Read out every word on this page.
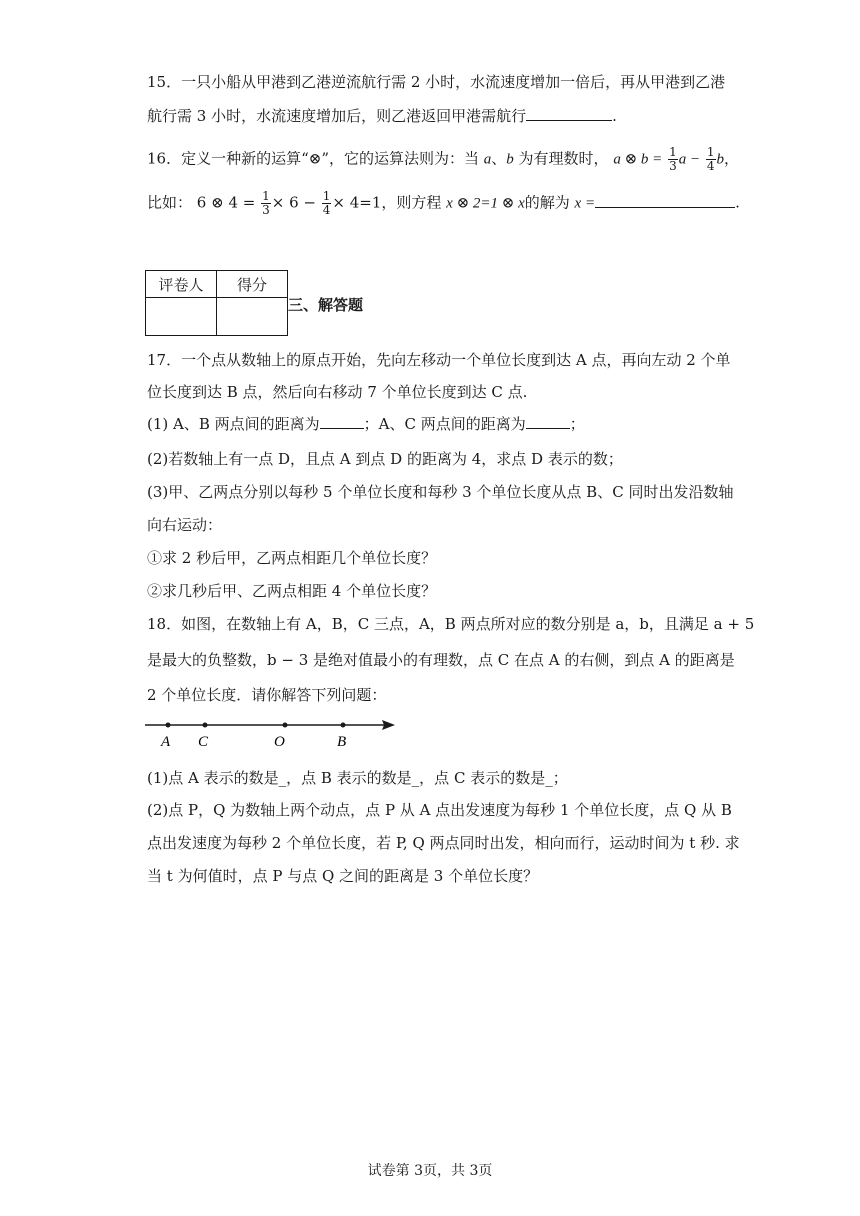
15．一只小船从甲港到乙港逆流航行需 2 小时，水流速度增加一倍后，再从甲港到乙港
航行需 3 小时，水流速度增加后，则乙港返回甲港需航行	.
16．定义一种新的运算“⊗”，它的运算法则为：当 a、b 为有理数时， a ⊗ $b = \frac{1}{3}$ $a - \frac{1}{4}$ b，
比如： 6 ⊗ $4 = \frac{1}{3} \times 6 - \frac{1}{4} \times 4=1$，则方程 x ⊗ 2=1 ⊗ x的解为 x =	.
评卷人	得分

三、解答题
17．一个点从数轴上的原点开始，先向左移动一个单位长度到达 A 点，再向左动 2 个单
位长度到达 B 点，然后向右移动 7 个单位长度到达 C 点.
(1) A、B 两点间的距离为	；A、C 两点间的距离为	；
(2)若数轴上有一点 D，且点 A 到点 D 的距离为 4，求点 D 表示的数；
(3)甲、乙两点分别以每秒 5 个单位长度和每秒 3 个单位长度从点 B、C 同时出发沿数轴
向右运动：
①求 2 秒后甲，乙两点相距几个单位长度？
②求几秒后甲、乙两点相距 4 个单位长度？
18．如图，在数轴上有 A，B，C 三点，A，B 两点所对应的数分别是 a，b，且满足 a + 5
是最大的负整数，b − 3 是绝对值最小的有理数，点 C 在点 A 的右侧，到点 A 的距离是
2 个单位长度．请你解答下列问题：
A C	O	B
(1)点 A 表示的数是_，点 B 表示的数是_，点 C 表示的数是_；
(2)点 P，Q 为数轴上两个动点，点 P 从 A 点出发速度为每秒 1 个单位长度，点 Q 从 B
点出发速度为每秒 2 个单位长度，若 P, Q 两点同时出发，相向而行，运动时间为 t 秒. 求
当 t 为何值时，点 P 与点 Q 之间的距离是 3 个单位长度？
试卷第 3页，共 3页
